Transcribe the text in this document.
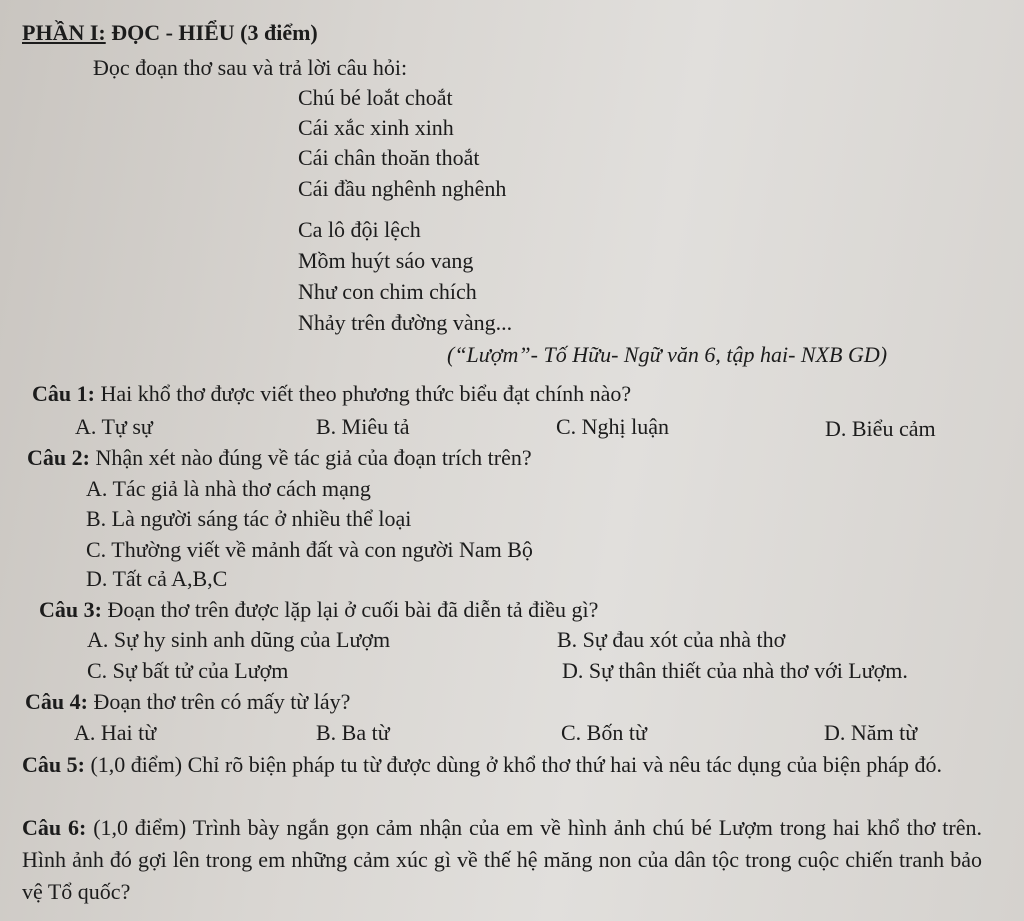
PHẦN I: ĐỌC - HIỂU (3 điểm)
Đọc đoạn thơ sau và trả lời câu hỏi:
Chú bé loắt choắt
Cái xắc xinh xinh
Cái chân thoăn thoắt
Cái đầu nghênh nghênh
Ca lô đội lệch
Mồm huýt sáo vang
Như con chim chích
Nhảy trên đường vàng...
(“Lượm”- Tố Hữu- Ngữ văn 6, tập hai- NXB GD)
Câu 1: Hai khổ thơ được viết theo phương thức biểu đạt chính nào?
A. Tự sự	B. Miêu tả	C. Nghị luận	D. Biểu cảm
Câu 2: Nhận xét nào đúng về tác giả của đoạn trích trên?
A. Tác giả là nhà thơ cách mạng
B. Là người sáng tác ở nhiều thể loại
C. Thường viết về mảnh đất và con người Nam Bộ
D. Tất cả A,B,C
Câu 3: Đoạn thơ trên được lặp lại ở cuối bài đã diễn tả điều gì?
A. Sự hy sinh anh dũng của Lượm	B. Sự đau xót của nhà thơ
C. Sự bất tử của Lượm	D. Sự thân thiết của nhà thơ với Lượm.
Câu 4: Đoạn thơ trên có mấy từ láy?
A. Hai từ	B. Ba từ	C. Bốn từ	D. Năm từ
Câu 5: (1,0 điểm) Chỉ rõ biện pháp tu từ được dùng ở khổ thơ thứ hai và nêu tác dụng của biện pháp đó.
Câu 6: (1,0 điểm) Trình bày ngắn gọn cảm nhận của em về hình ảnh chú bé Lượm trong hai khổ thơ trên. Hình ảnh đó gợi lên trong em những cảm xúc gì về thế hệ măng non của dân tộc trong cuộc chiến tranh bảo vệ Tổ quốc?
